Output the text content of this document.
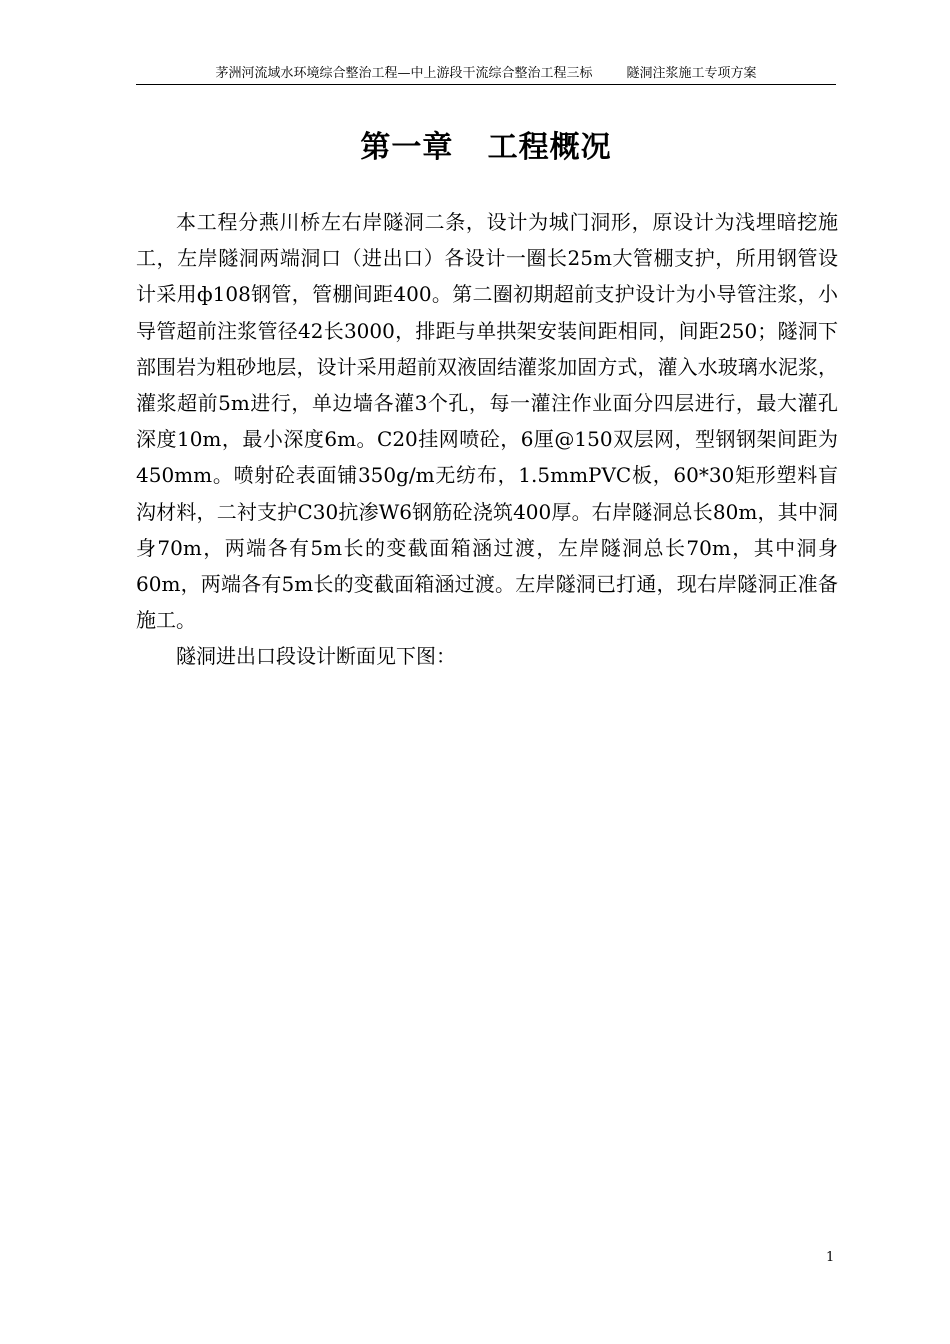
茅洲河流域水环境综合整治工程—中上游段干流综合整治工程三标	隧洞注浆施工专项方案
第一章   工程概况

本工程分燕川桥左右岸隧洞二条，设计为城门洞形，原设计为浅埋暗挖施工，左岸隧洞两端洞口（进出口）各设计一圈长25m大管棚支护，所用钢管设计采用ф108钢管，管棚间距400。第二圈初期超前支护设计为小导管注浆，小导管超前注浆管径42长3000，排距与单拱架安装间距相同，间距250；隧洞下部围岩为粗砂地层，设计采用超前双液固结灌浆加固方式，灌入水玻璃水泥浆，灌浆超前5m进行，单边墙各灌3个孔，每一灌注作业面分四层进行，最大灌孔深度10m，最小深度6m。C20挂网喷砼，6厘@150双层网，型钢钢架间距为450mm。喷射砼表面铺350g/m无纺布，1.5mmPVC板，60*30矩形塑料盲沟材料，二衬支护C30抗渗W6钢筋砼浇筑400厚。右岸隧洞总长80m，其中洞身70m，两端各有5m长的变截面箱涵过渡，左岸隧洞总长70m，其中洞身60m，两端各有5m长的变截面箱涵过渡。左岸隧洞已打通，现右岸隧洞正准备施工。

隧洞进出口段设计断面见下图：

1
